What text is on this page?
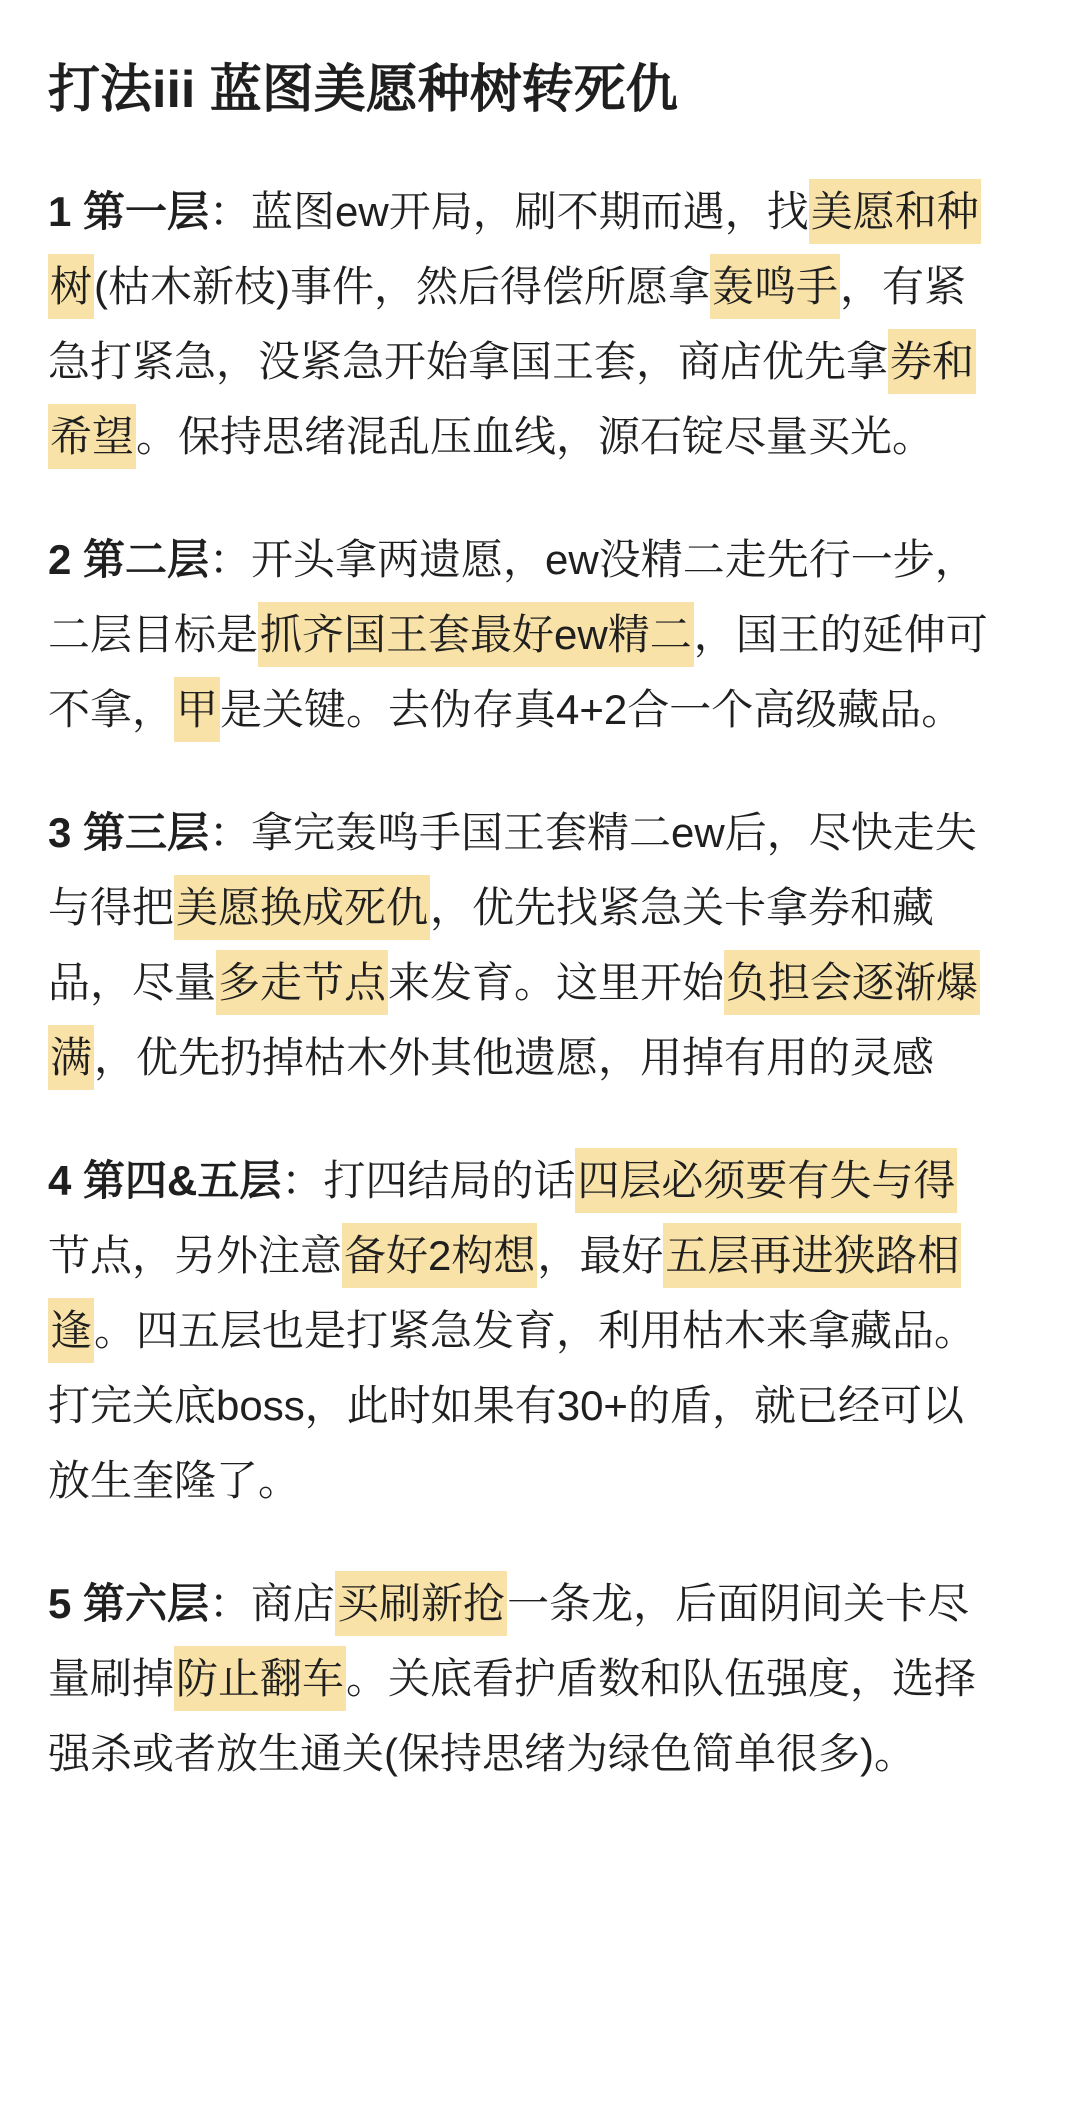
打法iii 蓝图美愿种树转死仇
1 第一层：蓝图ew开局，刷不期而遇，找美愿和种
树(枯木新枝)事件，然后得偿所愿拿轰鸣手，有紧
急打紧急，没紧急开始拿国王套，商店优先拿券和
希望。保持思绪混乱压血线，源石锭尽量买光。
2 第二层：开头拿两遗愿，ew没精二走先行一步，
二层目标是抓齐国王套最好ew精二，国王的延伸可
不拿，甲是关键。去伪存真4+2合一个高级藏品。
3 第三层：拿完轰鸣手国王套精二ew后，尽快走失
与得把美愿换成死仇，优先找紧急关卡拿券和藏
品，尽量多走节点来发育。这里开始负担会逐渐爆
满，优先扔掉枯木外其他遗愿，用掉有用的灵感
4 第四&五层：打四结局的话四层必须要有失与得
节点，另外注意备好2构想，最好五层再进狭路相
逢。四五层也是打紧急发育，利用枯木来拿藏品。
打完关底boss，此时如果有30+的盾，就已经可以
放生奎隆了。
5 第六层：商店买刷新抢一条龙，后面阴间关卡尽
量刷掉防止翻车。关底看护盾数和队伍强度，选择
强杀或者放生通关(保持思绪为绿色简单很多)。
